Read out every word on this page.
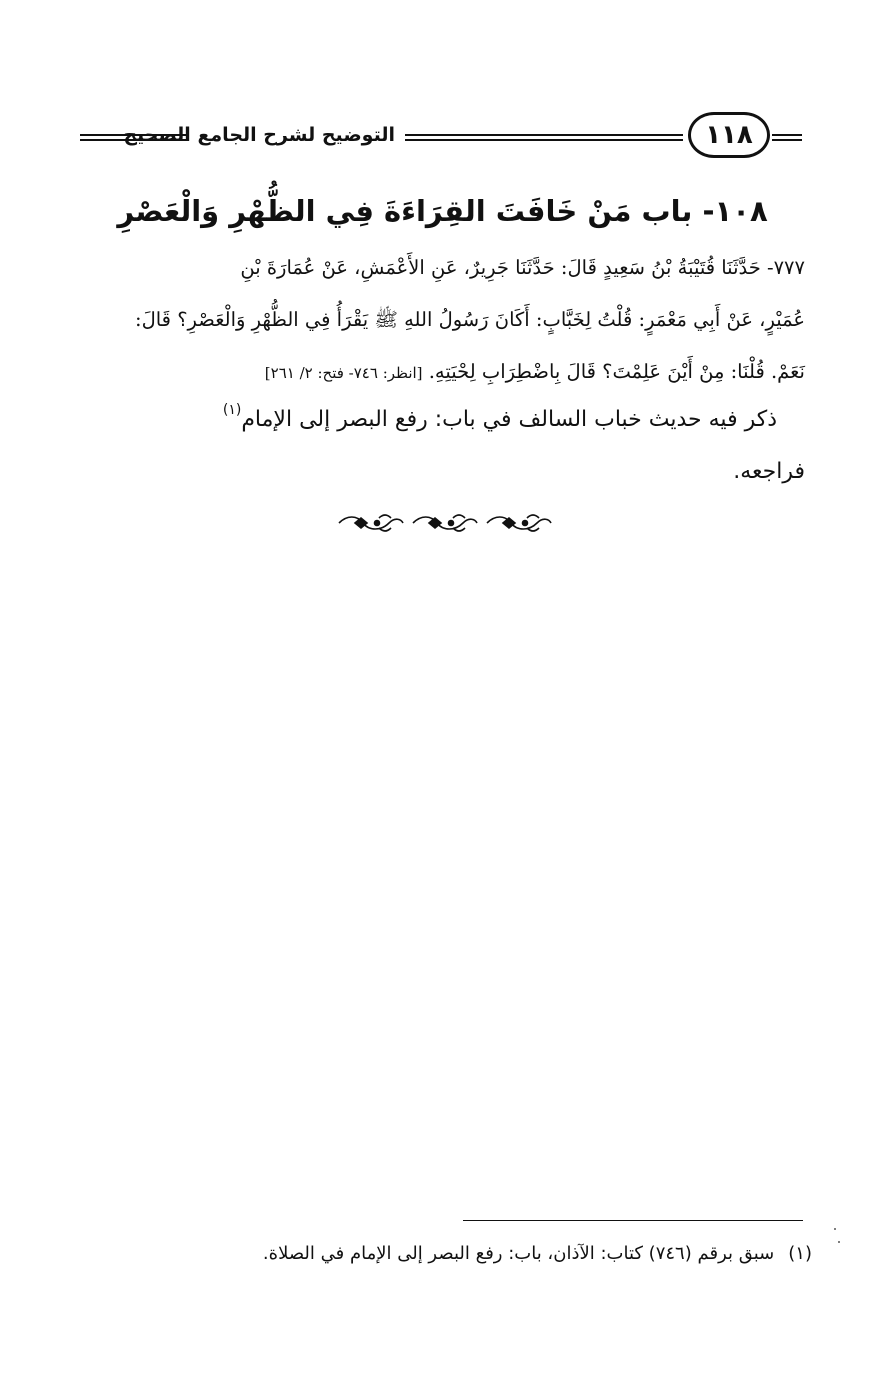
التوضيح لشرح الجامع الصحيح	١١٨
١٠٨- باب مَنْ خَافَتَ القِرَاءَةَ فِي الظُّهْرِ وَالْعَصْرِ
٧٧٧- حَدَّثَنَا قُتَيْبَةُ بْنُ سَعِيدٍ قَالَ: حَدَّثَنَا جَرِيرٌ، عَنِ الأَعْمَشِ، عَنْ عُمَارَةَ بْنِ
عُمَيْرٍ، عَنْ أَبِي مَعْمَرٍ: قُلْتُ لِخَبَّابٍ: أَكَانَ رَسُولُ اللهِ ﷺ يَقْرَأُ فِي الظُّهْرِ وَالْعَصْرِ؟ قَالَ:
نَعَمْ. قُلْنَا: مِنْ أَيْنَ عَلِمْتَ؟ قَالَ بِاضْطِرَابِ لِحْيَتِهِ. [انظر: ٧٤٦- فتح: ٢/ ٢٦١]
ذكر فيه حديث خباب السالف في باب: رفع البصر إلى الإمام$^{(١)}$
فراجعه.
(١)سبق برقم (٧٤٦) كتاب: الآذان، باب: رفع البصر إلى الإمام في الصلاة.
